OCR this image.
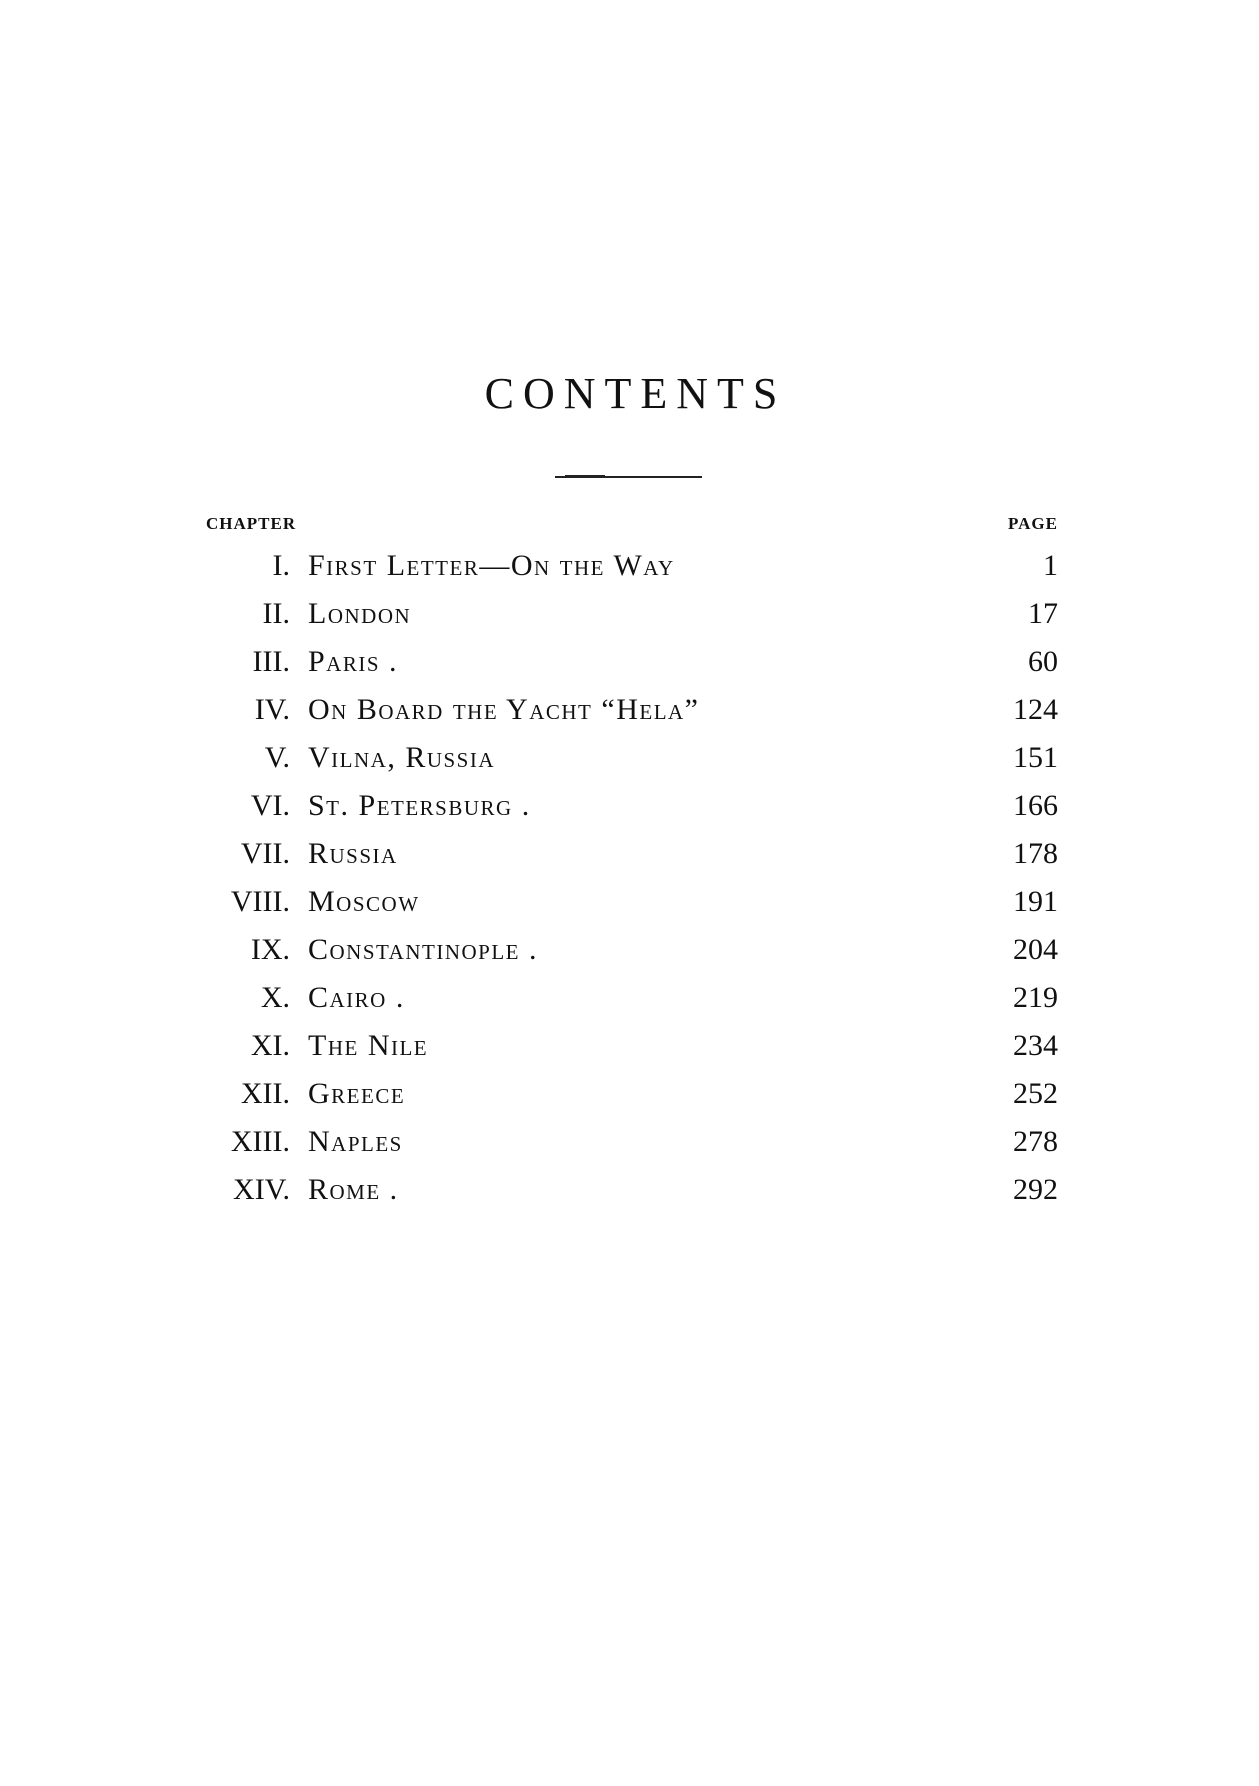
CONTENTS
CHAPTER	PAGE
I. First Letter—On the Way	1
II. London	17
III. Paris .	60
IV. On Board the Yacht “Hela”	124
V. Vilna, Russia	151
VI. St. Petersburg .	166
VII. Russia	178
VIII. Moscow	191
IX. Constantinople .	204
X. Cairo .	219
XI. The Nile	234
XII. Greece	252
XIII. Naples	278
XIV. Rome .	292
